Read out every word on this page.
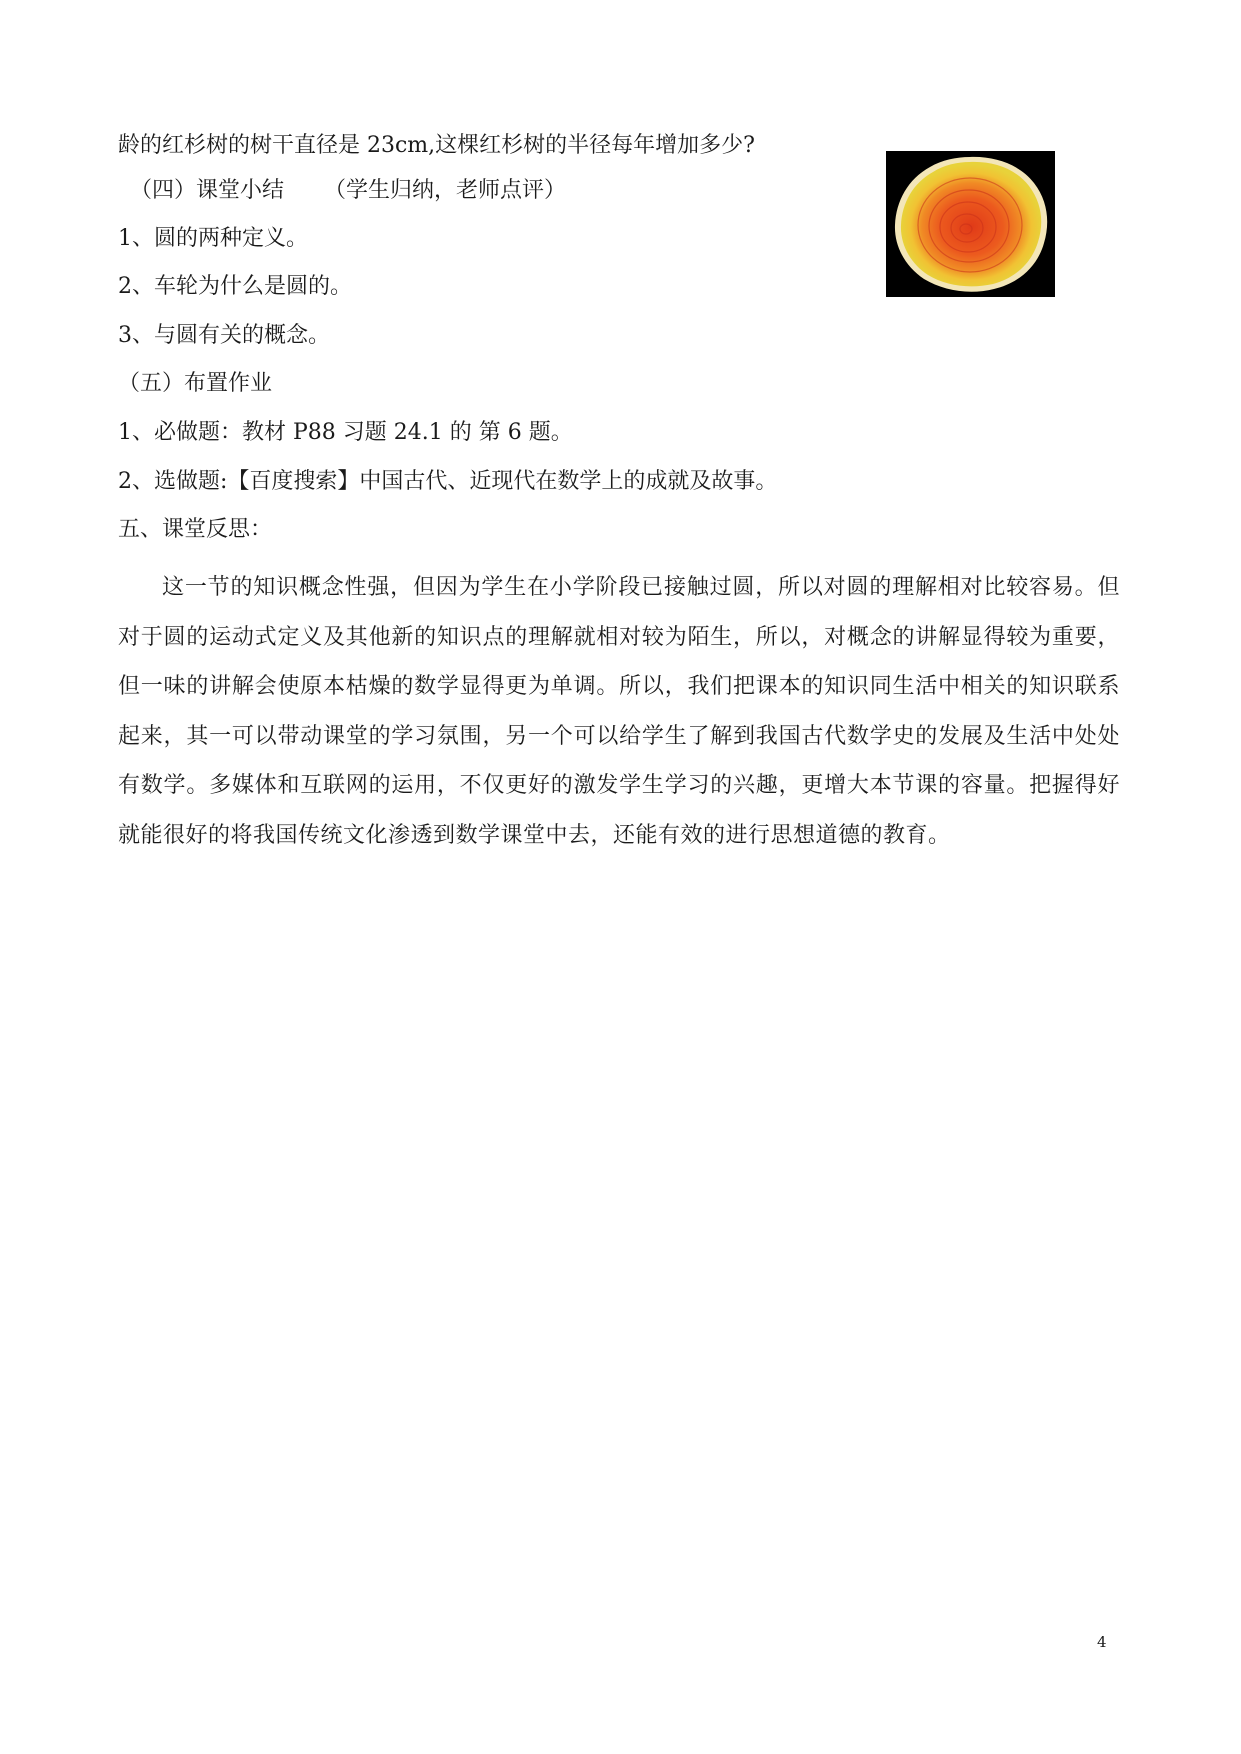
龄的红杉树的树干直径是 23cm,这棵红杉树的半径每年增加多少?
（四）课堂小结 （学生归纳，老师点评）
1、圆的两种定义。
2、车轮为什么是圆的。
3、与圆有关的概念。
（五）布置作业
1、必做题：教材 P88 习题 24.1 的 第 6 题。
2、选做题:【百度搜索】中国古代、近现代在数学上的成就及故事。
五、课堂反思：
这一节的知识概念性强，但因为学生在小学阶段已接触过圆，所以对圆的理解相对比较容易。但对于圆的运动式定义及其他新的知识点的理解就相对较为陌生，所以，对概念的讲解显得较为重要，但一味的讲解会使原本枯燥的数学显得更为单调。所以，我们把课本的知识同生活中相关的知识联系起来，其一可以带动课堂的学习氛围，另一个可以给学生了解到我国古代数学史的发展及生活中处处有数学。多媒体和互联网的运用，不仅更好的激发学生学习的兴趣，更增大本节课的容量。把握得好就能很好的将我国传统文化渗透到数学课堂中去，还能有效的进行思想道德的教育。
4
